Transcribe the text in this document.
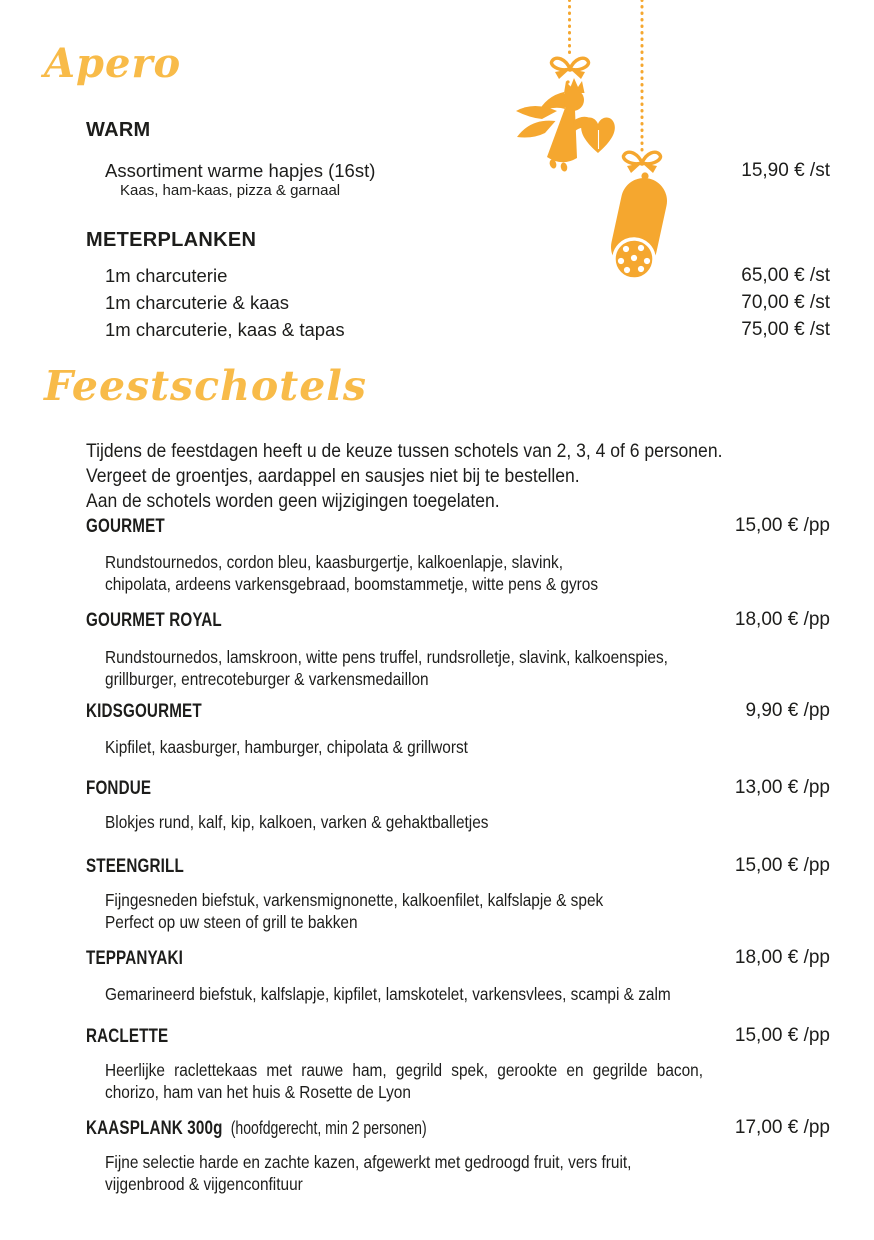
Apero
WARM
Assortiment warme hapjes (16st)	15,90 € /st
Kaas, ham-kaas, pizza & garnaal
METERPLANKEN
1m charcuterie	65,00 € /st
1m charcuterie & kaas	70,00 € /st
1m charcuterie, kaas & tapas	75,00 € /st
Feestschotels
Tijdens de feestdagen heeft u de keuze tussen schotels van 2, 3, 4 of 6 personen.
Vergeet de groentjes, aardappel en sausjes niet bij te bestellen.
Aan de schotels worden geen wijzigingen toegelaten.
GOURMET	15,00 € /pp
Rundstournedos, cordon bleu, kaasburgertje, kalkoenlapje, slavink,
chipolata, ardeens varkensgebraad, boomstammetje, witte pens & gyros
GOURMET ROYAL	18,00 € /pp
Rundstournedos, lamskroon, witte pens truffel, rundsrolletje, slavink, kalkoenspies,
grillburger, entrecoteburger & varkensmedaillon
KIDSGOURMET	9,90 € /pp
Kipfilet, kaasburger, hamburger, chipolata & grillworst
FONDUE	13,00 € /pp
Blokjes rund, kalf, kip, kalkoen, varken & gehaktballetjes
STEENGRILL	15,00 € /pp
Fijngesneden biefstuk, varkensmignonette, kalkoenfilet, kalfslapje & spek
Perfect op uw steen of grill te bakken
TEPPANYAKI	18,00 € /pp
Gemarineerd biefstuk, kalfslapje, kipfilet, lamskotelet, varkensvlees, scampi & zalm
RACLETTE	15,00 € /pp
Heerlijke raclettekaas met rauwe ham, gegrild spek, gerookte en gegrilde bacon,
chorizo, ham van het huis & Rosette de Lyon
KAASPLANK 300g (hoofdgerecht, min 2 personen)	17,00 € /pp
Fijne selectie harde en zachte kazen, afgewerkt met gedroogd fruit, vers fruit,
vijgenbrood & vijgenconfituur
